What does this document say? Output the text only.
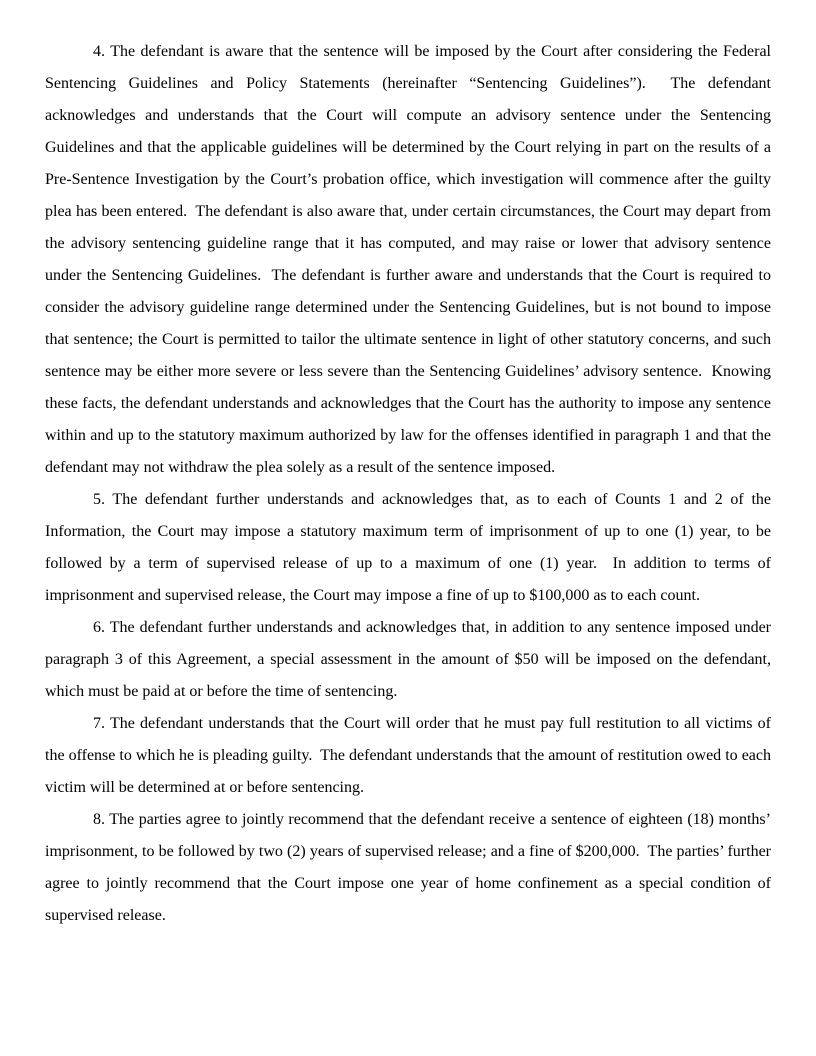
4. The defendant is aware that the sentence will be imposed by the Court after considering the Federal Sentencing Guidelines and Policy Statements (hereinafter “Sentencing Guidelines”).  The defendant acknowledges and understands that the Court will compute an advisory sentence under the Sentencing Guidelines and that the applicable guidelines will be determined by the Court relying in part on the results of a Pre-Sentence Investigation by the Court’s probation office, which investigation will commence after the guilty plea has been entered.  The defendant is also aware that, under certain circumstances, the Court may depart from the advisory sentencing guideline range that it has computed, and may raise or lower that advisory sentence under the Sentencing Guidelines.  The defendant is further aware and understands that the Court is required to consider the advisory guideline range determined under the Sentencing Guidelines, but is not bound to impose that sentence; the Court is permitted to tailor the ultimate sentence in light of other statutory concerns, and such sentence may be either more severe or less severe than the Sentencing Guidelines’ advisory sentence.  Knowing these facts, the defendant understands and acknowledges that the Court has the authority to impose any sentence within and up to the statutory maximum authorized by law for the offenses identified in paragraph 1 and that the defendant may not withdraw the plea solely as a result of the sentence imposed.

5. The defendant further understands and acknowledges that, as to each of Counts 1 and 2 of the Information, the Court may impose a statutory maximum term of imprisonment of up to one (1) year, to be followed by a term of supervised release of up to a maximum of one (1) year.  In addition to terms of imprisonment and supervised release, the Court may impose a fine of up to $100,000 as to each count.

6. The defendant further understands and acknowledges that, in addition to any sentence imposed under paragraph 3 of this Agreement, a special assessment in the amount of $50 will be imposed on the defendant, which must be paid at or before the time of sentencing.

7. The defendant understands that the Court will order that he must pay full restitution to all victims of the offense to which he is pleading guilty.  The defendant understands that the amount of restitution owed to each victim will be determined at or before sentencing.

8. The parties agree to jointly recommend that the defendant receive a sentence of eighteen (18) months’ imprisonment, to be followed by two (2) years of supervised release; and a fine of $200,000.  The parties’ further agree to jointly recommend that the Court impose one year of home confinement as a special condition of supervised release.
